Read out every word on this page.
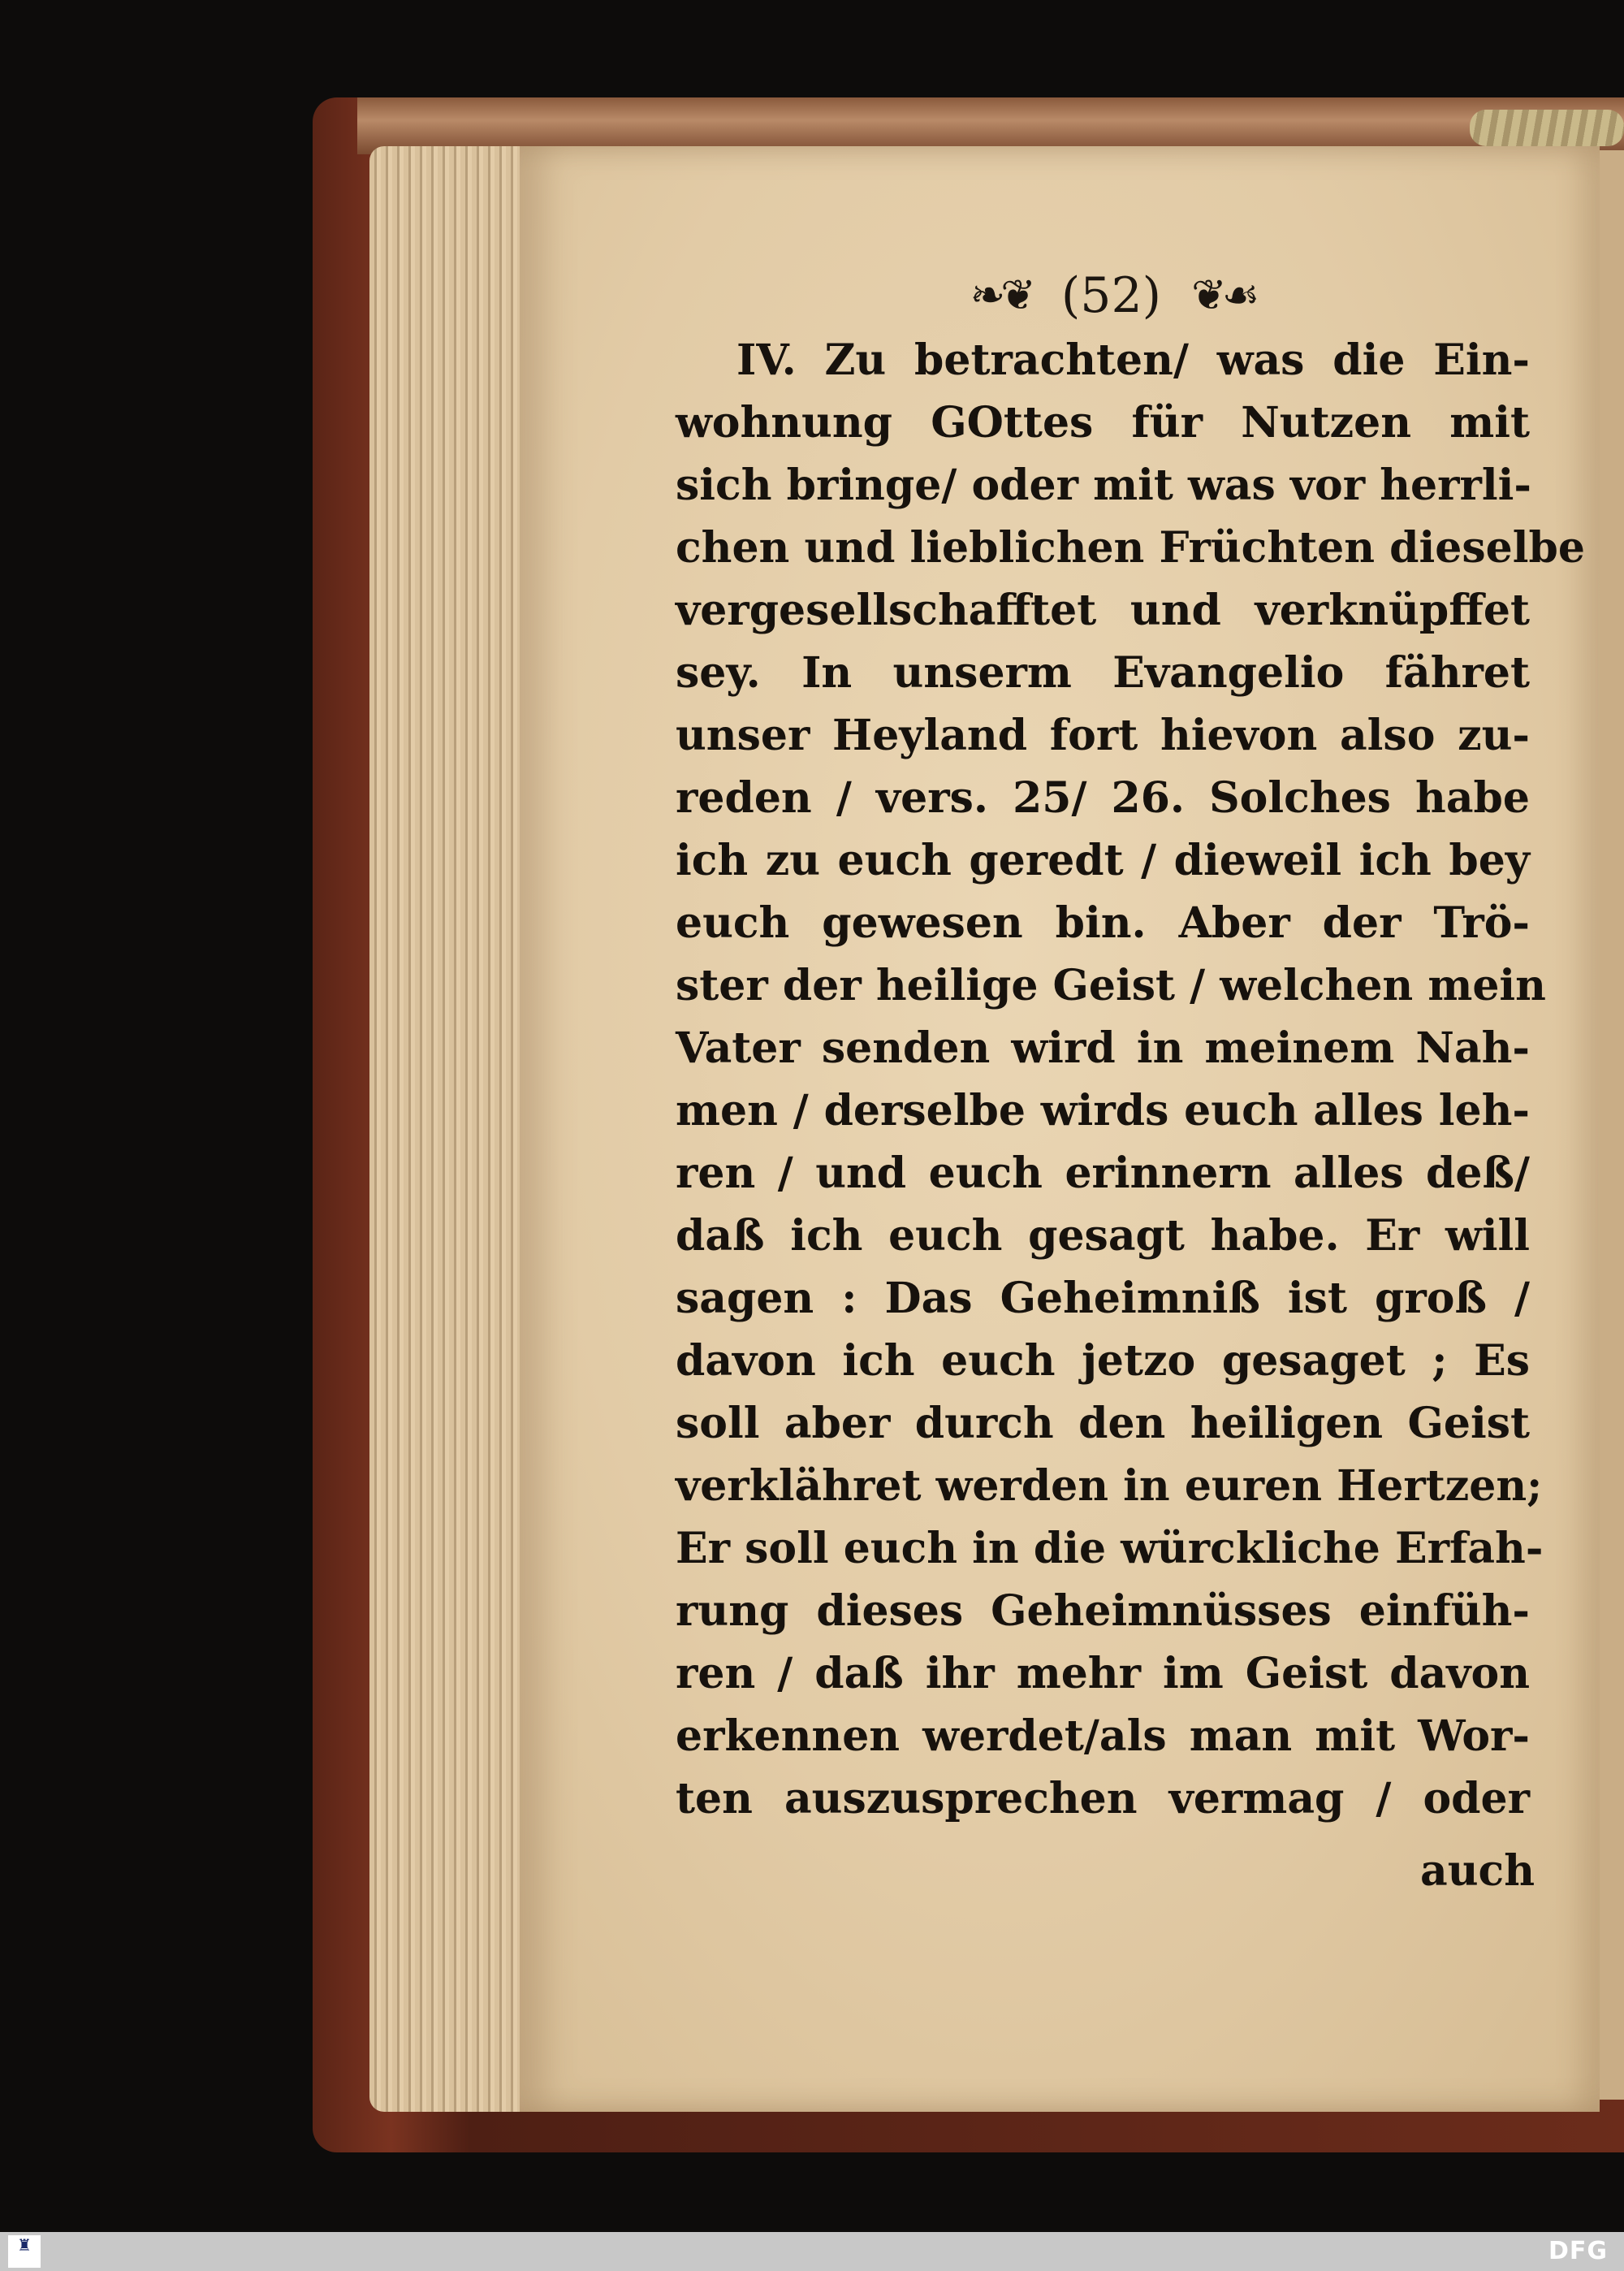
❧❦ (52) ❦☙
IV. Zu betrachten/ was die Ein-
wohnung GOttes für Nutzen mit
sich bringe/ oder mit was vor herrli-
chen und lieblichen Früchten dieselbe
vergesellschafftet und verknüpffet
sey. In unserm Evangelio fähret
unser Heyland fort hievon also zu-
reden / vers. 25/ 26. Solches habe
ich zu euch geredt / dieweil ich bey
euch gewesen bin. Aber der Trö-
ster der heilige Geist / welchen mein
Vater senden wird in meinem Nah-
men / derselbe wirds euch alles leh-
ren / und euch erinnern alles deß/
daß ich euch gesagt habe. Er will
sagen : Das Geheimniß ist groß /
davon ich euch jetzo gesaget ; Es
soll aber durch den heiligen Geist
verklähret werden in euren Hertzen;
Er soll euch in die würckliche Erfah-
rung dieses Geheimnüsses einfüh-
ren / daß ihr mehr im Geist davon
erkennen werdet/als man mit Wor-
ten auszusprechen vermag / oder
auch
♜	DFG
